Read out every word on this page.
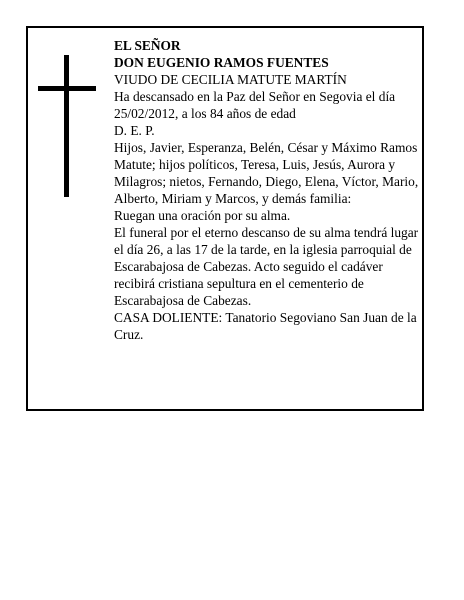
EL SEÑOR

DON EUGENIO RAMOS FUENTES

VIUDO DE CECILIA MATUTE MARTÍN

Ha descansado en la Paz del Señor en Segovia el día 25/02/2012, a los 84 años de edad

D. E. P.

Hijos, Javier, Esperanza, Belén, César y Máximo Ramos Matute; hijos políticos, Teresa, Luis, Jesús, Aurora y Milagros; nietos, Fernando, Diego, Elena, Víctor, Mario, Alberto, Miriam y Marcos, y demás familia:

Ruegan una oración por su alma.

El funeral por el eterno descanso de su alma tendrá lugar el día 26, a las 17 de la tarde, en la iglesia parroquial de Escarabajosa de Cabezas. Acto seguido el cadáver recibirá cristiana sepultura en el cementerio de Escarabajosa de Cabezas.

CASA DOLIENTE: Tanatorio Segoviano San Juan de la Cruz.
